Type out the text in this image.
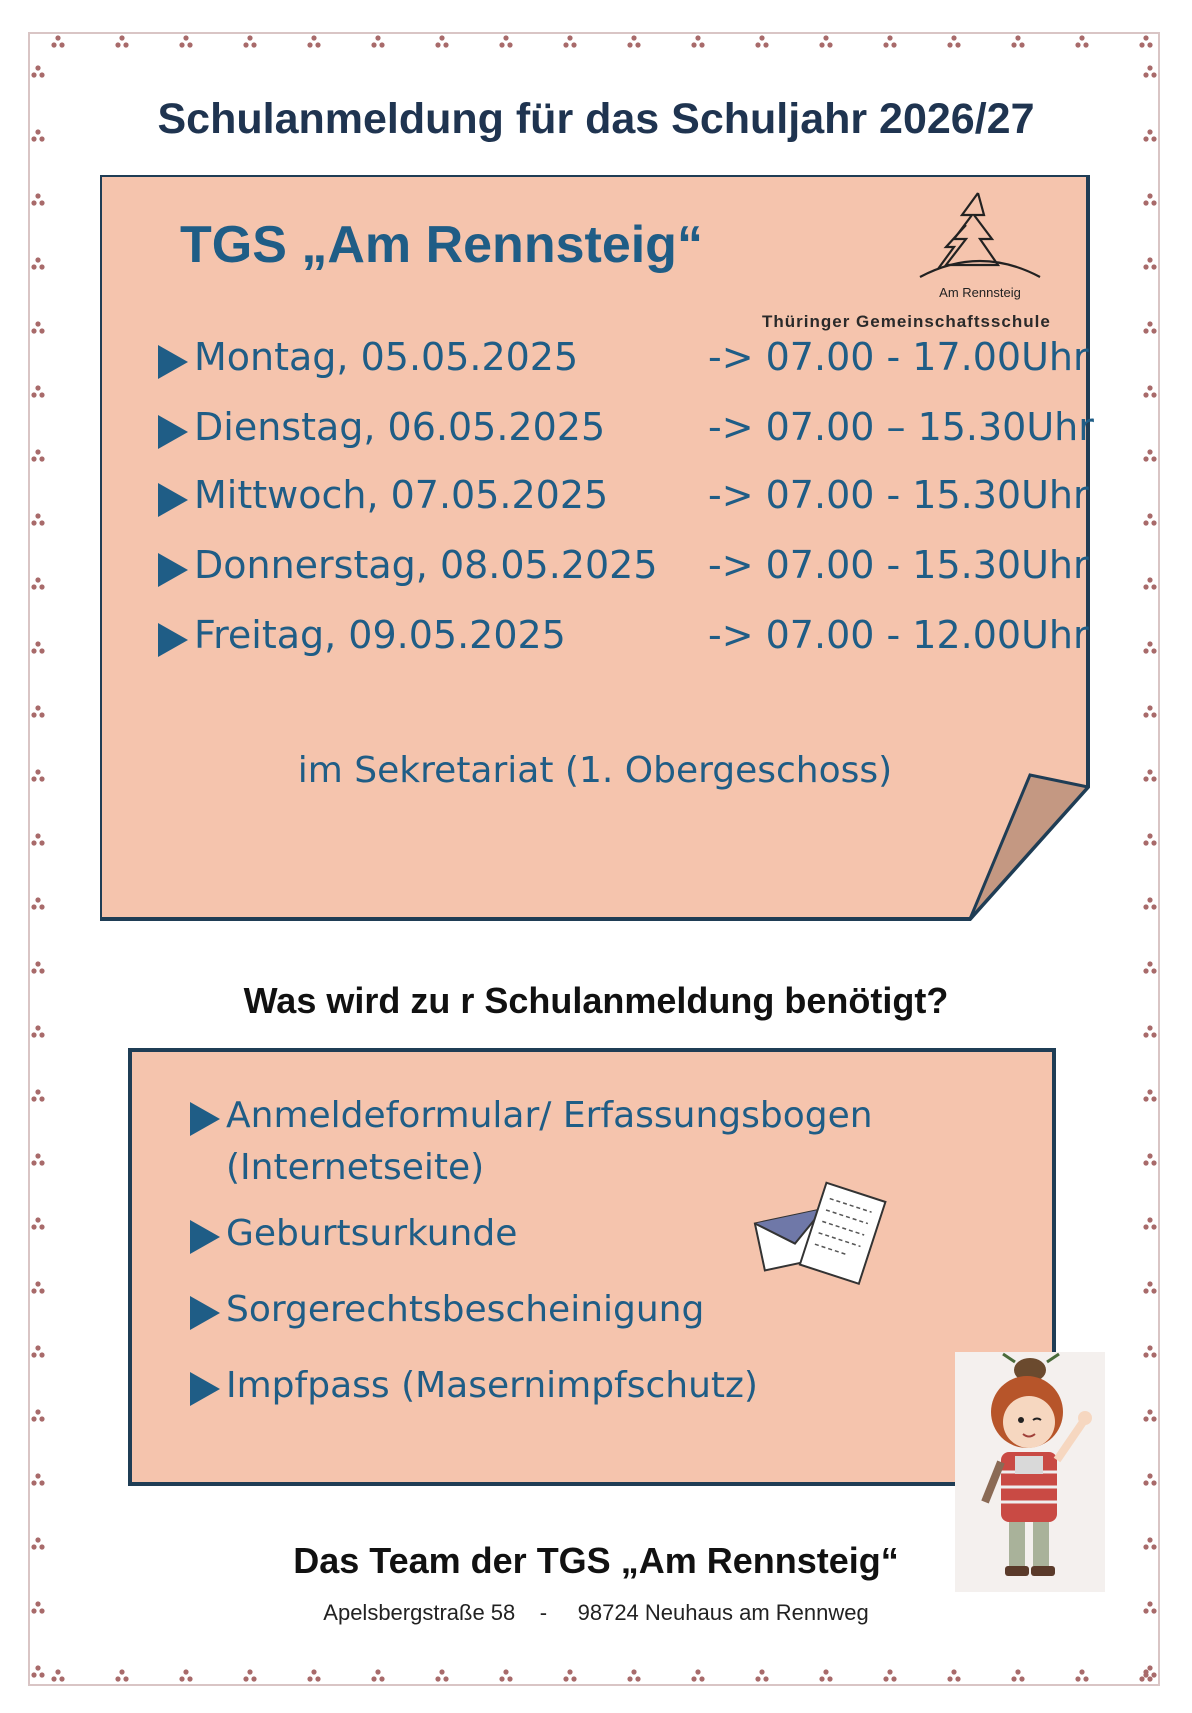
Schulanmeldung für das Schuljahr 2026/27
TGS „Am Rennsteig“
Am Rennsteig
Thüringer Gemeinschaftsschule
Montag, 05.05.2025	-> 07.00 - 17.00Uhr
Dienstag, 06.05.2025	-> 07.00 – 15.30Uhr
Mittwoch, 07.05.2025	-> 07.00 - 15.30Uhr
Donnerstag, 08.05.2025 -> 07.00 - 15.30Uhr
Freitag, 09.05.2025	-> 07.00 - 12.00Uhr
im Sekretariat (1. Obergeschoss)
Was wird zu r Schulanmeldung benötigt?
Anmeldeformular/ Erfassungsbogen (Internetseite)
Geburtsurkunde
Sorgerechtsbescheinigung
Impfpass (Masernimpfschutz)
Das Team der TGS „Am Rennsteig“
Apelsbergstraße 58    -     98724 Neuhaus am Rennweg
